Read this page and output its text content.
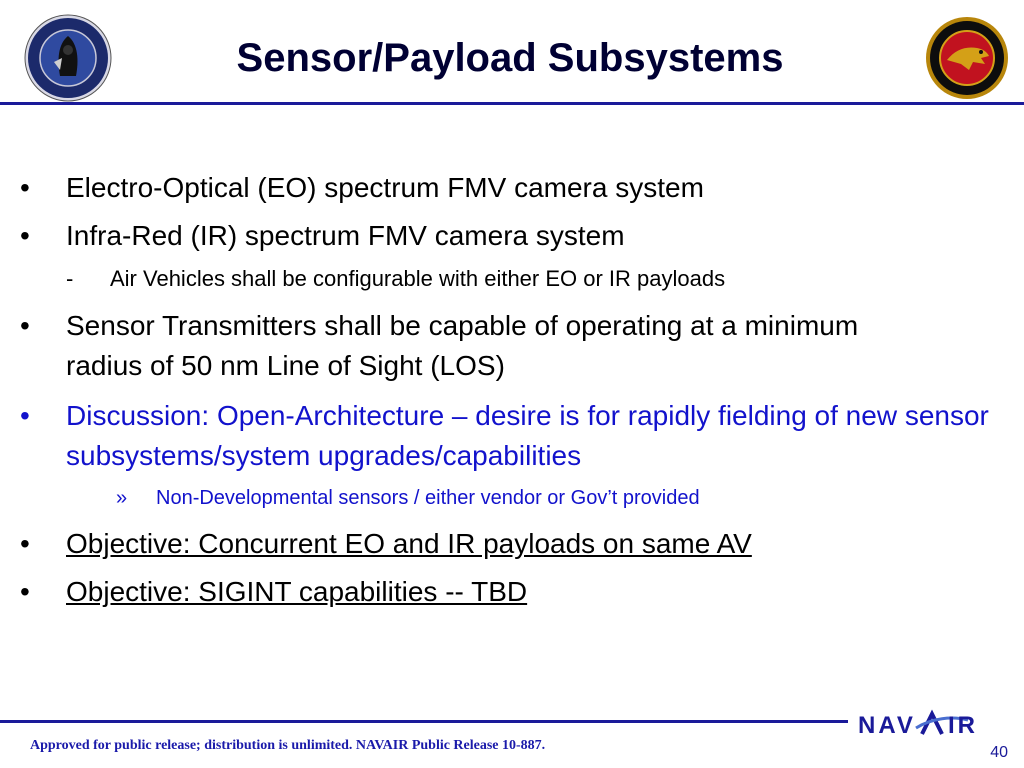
Sensor/Payload Subsystems
•	Electro-Optical (EO) spectrum FMV camera system
•	Infra-Red (IR) spectrum FMV camera system
- Air Vehicles shall be configurable with either EO or IR payloads
•	Sensor Transmitters shall be capable of operating at a minimum radius of 50 nm Line of Sight (LOS)
•	Discussion: Open-Architecture – desire is for rapidly fielding of new sensor subsystems/system upgrades/capabilities
» Non-Developmental sensors / either vendor or Gov’t provided
•	Objective: Concurrent EO and IR payloads on same AV
•	Objective: SIGINT capabilities -- TBD
NAV IR
Approved for public release; distribution is unlimited. NAVAIR Public Release 10-887.	40
